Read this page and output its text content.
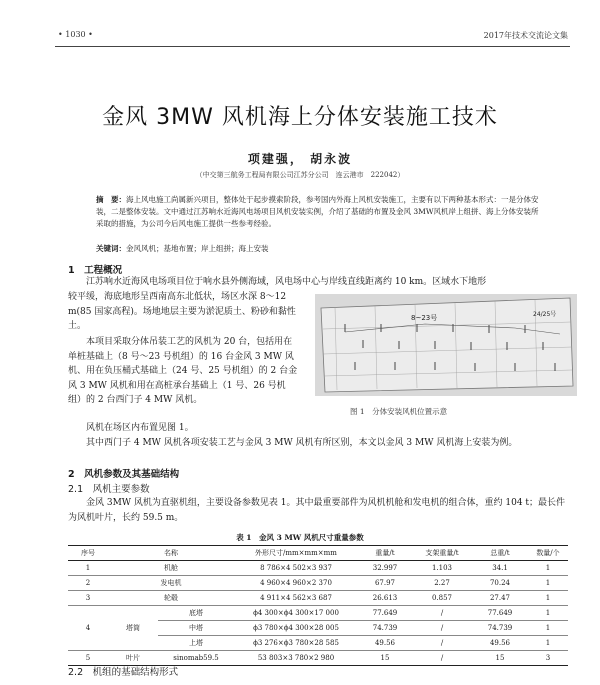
• 1030 •	2017年技术交流论文集
金风 3MW 风机海上分体安装施工技术
项建强， 胡永波
（中交第三航务工程局有限公司江苏分公司　连云港市　222042）
摘　要：海上风电施工尚属新兴项目，整体处于起步摸索阶段，参考国内外海上风机安装施工，主要有以下两种基本形式：一是分体安装，二是整体安装。文中通过江苏响水近海风电场项目风机安装实例，介绍了基础的布置及金风 3MW风机岸上组拼、海上分体安装所采取的措施，为公司今后风电施工提供一些参考经验。
关键词：金风风机；基地布置；岸上组拼；海上安装
1　工程概况
江苏响水近海风电场项目位于响水县外侧海域，风电场中心与岸线直线距离约 10 km。区域水下地形
较平缓，海底地形呈西南高东北低状，场区水深 8～12 m(85 国家高程)。场地地层主要为淤泥质土、粉砂和黏性土。
本项目采取分体吊装工艺的风机为 20 台，包括用在单桩基础上（8 号～23 号机组）的 16 台金风 3 MW 风机、用在负压桶式基础上（24 号、25 号机组）的 2 台金风 3 MW 风机和用在高桩承台基础上（1 号、26 号机组）的 2 台西门子 4 MW 风机。
风机在场区内布置见图 1。
其中西门子 4 MW 风机各项安装工艺与金风 3 MW 风机有所区别，本文以金风 3 MW 风机海上安装为例。
8~23号	24/25号
图 1　分体安装风机位置示意
2　风机参数及其基础结构
2.1　风机主要参数
金风 3MW 风机为直驱机组，主要设备参数见表 1。其中最重要部件为风机机舱和发电机的组合体，重约 104 t；最长件为风机叶片，长约 59.5 m。
表 1　金风 3 MW 风机尺寸重量参数
序号	名称		外形尺寸/mm×mm×mm	重量/t	支架重量/t	总重/t	数量/个
1	机舱		8 786×4 502×3 937	32.997	1.103	34.1	1
2	发电机		4 960×4 960×2 370	67.97	2.27	70.24	1
3	轮毂		4 911×4 562×3 687	26.613	0.857	27.47	1
4	塔筒	底塔	ϕ4 300×ϕ4 300×17 000	77.649	/	77.649	1
		中塔	ϕ3 780×ϕ4 300×28 005	74.739	/	74.739	1
		上塔	ϕ3 276×ϕ3 780×28 585	49.56	/	49.56	1
5	叶片	sinomab59.5	53 803×3 780×2 980	15	/	15	3
2.2　机组的基础结构形式
